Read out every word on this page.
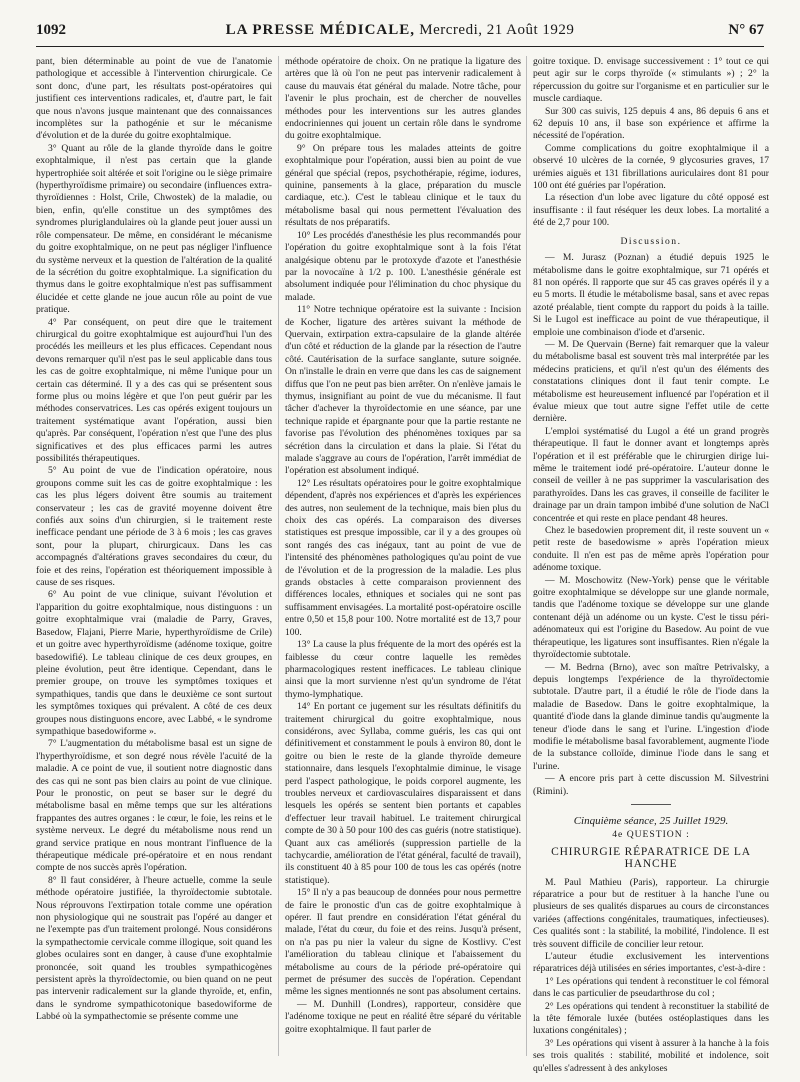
1092	LA PRESSE MÉDICALE, Mercredi, 21 Août 1929	N° 67

pant, bien déterminable au point de vue de l'anatomie pathologique et accessible à l'intervention chirurgicale. Ce sont donc, d'une part, les résultats post-opératoires qui justifient ces interventions radicales, et, d'autre part, le fait que nous n'avons jusque maintenant que des connaissances incomplètes sur la pathogénie et sur le mécanisme d'évolution et de la durée du goitre exophtalmique.

3° Quant au rôle de la glande thyroïde dans le goitre exophtalmique, il n'est pas certain que la glande hypertrophiée soit altérée et soit l'origine ou le siège primaire (hyperthyroïdisme primaire) ou secondaire (influences extra-thyroïdiennes : Holst, Crile, Chwostek) de la maladie, ou bien, enfin, qu'elle constitue un des symptômes des syndromes pluriglandulaires où la glande peut jouer aussi un rôle compensateur. De même, en considérant le mécanisme du goitre exophtalmique, on ne peut pas négliger l'influence du système nerveux et la question de l'altération de la qualité de la sécrétion du goitre exophtalmique. La signification du thymus dans le goitre exophtalmique n'est pas suffisamment élucidée et cette glande ne joue aucun rôle au point de vue pratique.

4° Par conséquent, on peut dire que le traitement chirurgical du goitre exophtalmique est aujourd'hui l'un des procédés les meilleurs et les plus efficaces. Cependant nous devons remarquer qu'il n'est pas le seul applicable dans tous les cas de goitre exophtalmique, ni même l'unique pour un certain cas déterminé. Il y a des cas qui se présentent sous forme plus ou moins légère et que l'on peut guérir par les méthodes conservatrices. Les cas opérés exigent toujours un traitement systématique avant l'opération, aussi bien qu'après. Par conséquent, l'opération n'est que l'une des plus significatives et des plus efficaces parmi les autres possibilités thérapeutiques.

5° Au point de vue de l'indication opératoire, nous groupons comme suit les cas de goitre exophtalmique : les cas les plus légers doivent être soumis au traitement conservateur ; les cas de gravité moyenne doivent être confiés aux soins d'un chirurgien, si le traitement reste inefficace pendant une période de 3 à 6 mois ; les cas graves sont, pour la plupart, chirurgicaux. Dans les cas accompagnés d'altérations graves secondaires du cœur, du foie et des reins, l'opération est théoriquement impossible à cause de ses risques.

6° Au point de vue clinique, suivant l'évolution et l'apparition du goitre exophtalmique, nous distinguons : un goitre exophtalmique vrai (maladie de Parry, Graves, Basedow, Flajani, Pierre Marie, hyperthyroïdisme de Crile) et un goitre avec hyperthyroïdisme (adénome toxique, goitre basedowifié). Le tableau clinique de ces deux groupes, en pleine évolution, peut être identique. Cependant, dans le premier groupe, on trouve les symptômes toxiques et sympathiques, tandis que dans le deuxième ce sont surtout les symptômes toxiques qui prévalent. A côté de ces deux groupes nous distinguons encore, avec Labbé, « le syndrome sympathique basedowiforme ».

7° L'augmentation du métabolisme basal est un signe de l'hyperthyroïdisme, et son degré nous révèle l'acuité de la maladie. A ce point de vue, il soutient notre diagnostic dans des cas qui ne sont pas bien clairs au point de vue clinique. Pour le pronostic, on peut se baser sur le degré du métabolisme basal en même temps que sur les altérations frappantes des autres organes : le cœur, le foie, les reins et le système nerveux. Le degré du métabolisme nous rend un grand service pratique en nous montrant l'influence de la thérapeutique médicale pré-opératoire et en nous rendant compte de nos succès après l'opération.

8° Il faut considérer, à l'heure actuelle, comme la seule méthode opératoire justifiée, la thyroïdectomie subtotale. Nous réprouvons l'extirpation totale comme une opération non physiologique qui ne soustrait pas l'opéré au danger et ne l'exempte pas d'un traitement prolongé. Nous considérons la sympathectomie cervicale comme illogique, soit quand les globes oculaires sont en danger, à cause d'une exophtalmie prononcée, soit quand les troubles sympathicogènes persistent après la thyroïdectomie, ou bien quand on ne peut pas intervenir radicalement sur la glande thyroïde, et, enfin, dans le syndrome sympathicotonique basedowiforme de Labbé où la sympathectomie se présente comme une

méthode opératoire de choix. On ne pratique la ligature des artères que là où l'on ne peut pas intervenir radicalement à cause du mauvais état général du malade. Notre tâche, pour l'avenir le plus prochain, est de chercher de nouvelles méthodes pour les interventions sur les autres glandes endocriniennes qui jouent un certain rôle dans le syndrome du goitre exophtalmique.

9° On prépare tous les malades atteints de goitre exophtalmique pour l'opération, aussi bien au point de vue général que spécial (repos, psychothérapie, régime, iodures, quinine, pansements à la glace, préparation du muscle cardiaque, etc.). C'est le tableau clinique et le taux du métabolisme basal qui nous permettent l'évaluation des résultats de nos préparatifs.

10° Les procédés d'anesthésie les plus recommandés pour l'opération du goitre exophtalmique sont à la fois l'état analgésique obtenu par le protoxyde d'azote et l'anesthésie par la novocaïne à 1/2 p. 100. L'anesthésie générale est absolument indiquée pour l'élimination du choc physique du malade.

11° Notre technique opératoire est la suivante : Incision de Kocher, ligature des artères suivant la méthode de Quervain, extirpation extra-capsulaire de la glande altérée d'un côté et réduction de la glande par la résection de l'autre côté. Cautérisation de la surface sanglante, suture soignée. On n'installe le drain en verre que dans les cas de saignement diffus que l'on ne peut pas bien arrêter. On n'enlève jamais le thymus, insignifiant au point de vue du mécanisme. Il faut tâcher d'achever la thyroïdectomie en une séance, par une technique rapide et épargnante pour que la partie restante ne favorise pas l'évolution des phénomènes toxiques par sa sécrétion dans la circulation et dans la plaie. Si l'état du malade s'aggrave au cours de l'opération, l'arrêt immédiat de l'opération est absolument indiqué.

12° Les résultats opératoires pour le goitre exophtalmique dépendent, d'après nos expériences et d'après les expériences des autres, non seulement de la technique, mais bien plus du choix des cas opérés. La comparaison des diverses statistiques est presque impossible, car il y a des groupes où sont rangés des cas inégaux, tant au point de vue de l'intensité des phénomènes pathologiques qu'au point de vue de l'évolution et de la progression de la maladie. Les plus grands obstacles à cette comparaison proviennent des différences locales, ethniques et sociales qui ne sont pas suffisamment envisagées. La mortalité post-opératoire oscille entre 0,50 et 15,8 pour 100. Notre mortalité est de 13,7 pour 100.

13° La cause la plus fréquente de la mort des opérés est la faiblesse du cœur contre laquelle les remèdes pharmacologiques restent inefficaces. Le tableau clinique ainsi que la mort survienne n'est qu'un syndrome de l'état thymo-lymphatique.

14° En portant ce jugement sur les résultats définitifs du traitement chirurgical du goitre exophtalmique, nous considérons, avec Syllaba, comme guéris, les cas qui ont définitivement et constamment le pouls à environ 80, dont le goitre ou bien le reste de la glande thyroïde demeure stationnaire, dans lesquels l'exophtalmie diminue, le visage perd l'aspect pathologique, le poids corporel augmente, les troubles nerveux et cardiovasculaires disparaissent et dans lesquels les opérés se sentent bien portants et capables d'effectuer leur travail habituel. Le traitement chirurgical compte de 30 à 50 pour 100 des cas guéris (notre statistique). Quant aux cas améliorés (suppression partielle de la tachycardie, amélioration de l'état général, faculté de travail), ils constituent 40 à 85 pour 100 de tous les cas opérés (notre statistique).

15° Il n'y a pas beaucoup de données pour nous permettre de faire le pronostic d'un cas de goitre exophtalmique à opérer. Il faut prendre en considération l'état général du malade, l'état du cœur, du foie et des reins. Jusqu'à présent, on n'a pas pu nier la valeur du signe de Kostlivy. C'est l'amélioration du tableau clinique et l'abaissement du métabolisme au cours de la période pré-opératoire qui permet de présumer des succès de l'opération. Cependant même les signes mentionnés ne sont pas absolument certains.

— M. Dunhill (Londres), rapporteur, considère que l'adénome toxique ne peut en réalité être séparé du véritable goitre exophtalmique. Il faut parler de

goitre toxique. D. envisage successivement : 1° tout ce qui peut agir sur le corps thyroïde (« stimulants ») ; 2° la répercussion du goitre sur l'organisme et en particulier sur le muscle cardiaque.

Sur 300 cas suivis, 125 depuis 4 ans, 86 depuis 6 ans et 62 depuis 10 ans, il base son expérience et affirme la nécessité de l'opération.

Comme complications du goitre exophtalmique il a observé 10 ulcères de la cornée, 9 glycosuries graves, 17 urémies aiguës et 131 fibrillations auriculaires dont 81 pour 100 ont été guéries par l'opération.

La résection d'un lobe avec ligature du côté opposé est insuffisante : il faut réséquer les deux lobes. La mortalité a été de 2,7 pour 100.

Discussion.

— M. Jurasz (Poznan) a étudié depuis 1925 le métabolisme dans le goitre exophtalmique, sur 71 opérés et 81 non opérés. Il rapporte que sur 45 cas graves opérés il y a eu 5 morts. Il étudie le métabolisme basal, sans et avec repas azoté préalable, tient compte du rapport du poids à la taille. Si le Lugol est inefficace au point de vue thérapeutique, il emploie une combinaison d'iode et d'arsenic.

— M. De Quervain (Berne) fait remarquer que la valeur du métabolisme basal est souvent très mal interprétée par les médecins praticiens, et qu'il n'est qu'un des éléments des constatations cliniques dont il faut tenir compte. Le métabolisme est heureusement influencé par l'opération et il évalue mieux que tout autre signe l'effet utile de cette dernière.

L'emploi systématisé du Lugol a été un grand progrès thérapeutique. Il faut le donner avant et longtemps après l'opération et il est préférable que le chirurgien dirige lui-même le traitement iodé pré-opératoire. L'auteur donne le conseil de veiller à ne pas supprimer la vascularisation des parathyroïdes. Dans les cas graves, il conseille de faciliter le drainage par un drain tampon imbibé d'une solution de NaCl concentrée et qui reste en place pendant 48 heures.

Chez le basedowien proprement dit, il reste souvent un « petit reste de basedowisme » après l'opération mieux conduite. Il n'en est pas de même après l'opération pour adénome toxique.

— M. Moschowitz (New-York) pense que le véritable goitre exophtalmique se développe sur une glande normale, tandis que l'adénome toxique se développe sur une glande contenant déjà un adénome ou un kyste. C'est le tissu péri-adénomateux qui est l'origine du Basedow. Au point de vue thérapeutique, les ligatures sont insuffisantes. Rien n'égale la thyroïdectomie subtotale.

— M. Bedrna (Brno), avec son maître Petrivalsky, a depuis longtemps l'expérience de la thyroïdectomie subtotale. D'autre part, il a étudié le rôle de l'iode dans la maladie de Basedow. Dans le goitre exophtalmique, la quantité d'iode dans la glande diminue tandis qu'augmente la teneur d'iode dans le sang et l'urine. L'ingestion d'iode modifie le métabolisme basal favorablement, augmente l'iode de la substance colloïde, diminue l'iode dans le sang et l'urine.

— A encore pris part à cette discussion M. Silvestrini (Rimini).

Cinquième séance, 25 Juillet 1929.

4e QUESTION :

CHIRURGIE RÉPARATRICE DE LA HANCHE

M. Paul Mathieu (Paris), rapporteur. La chirurgie réparatrice a pour but de restituer à la hanche l'une ou plusieurs de ses qualités disparues au cours de circonstances variées (affections congénitales, traumatiques, infectieuses). Ces qualités sont : la stabilité, la mobilité, l'indolence. Il est très souvent difficile de concilier leur retour.

L'auteur étudie exclusivement les interventions réparatrices déjà utilisées en séries importantes, c'est-à-dire :

1° Les opérations qui tendent à reconstituer le col fémoral dans le cas particulier de pseudarthrose du col ;

2° Les opérations qui tendent à reconstituer la stabilité de la tête fémorale luxée (butées ostéoplastiques dans les luxations congénitales) ;

3° Les opérations qui visent à assurer à la hanche à la fois ses trois qualités : stabilité, mobilité et indolence, soit qu'elles s'adressent à des ankyloses
